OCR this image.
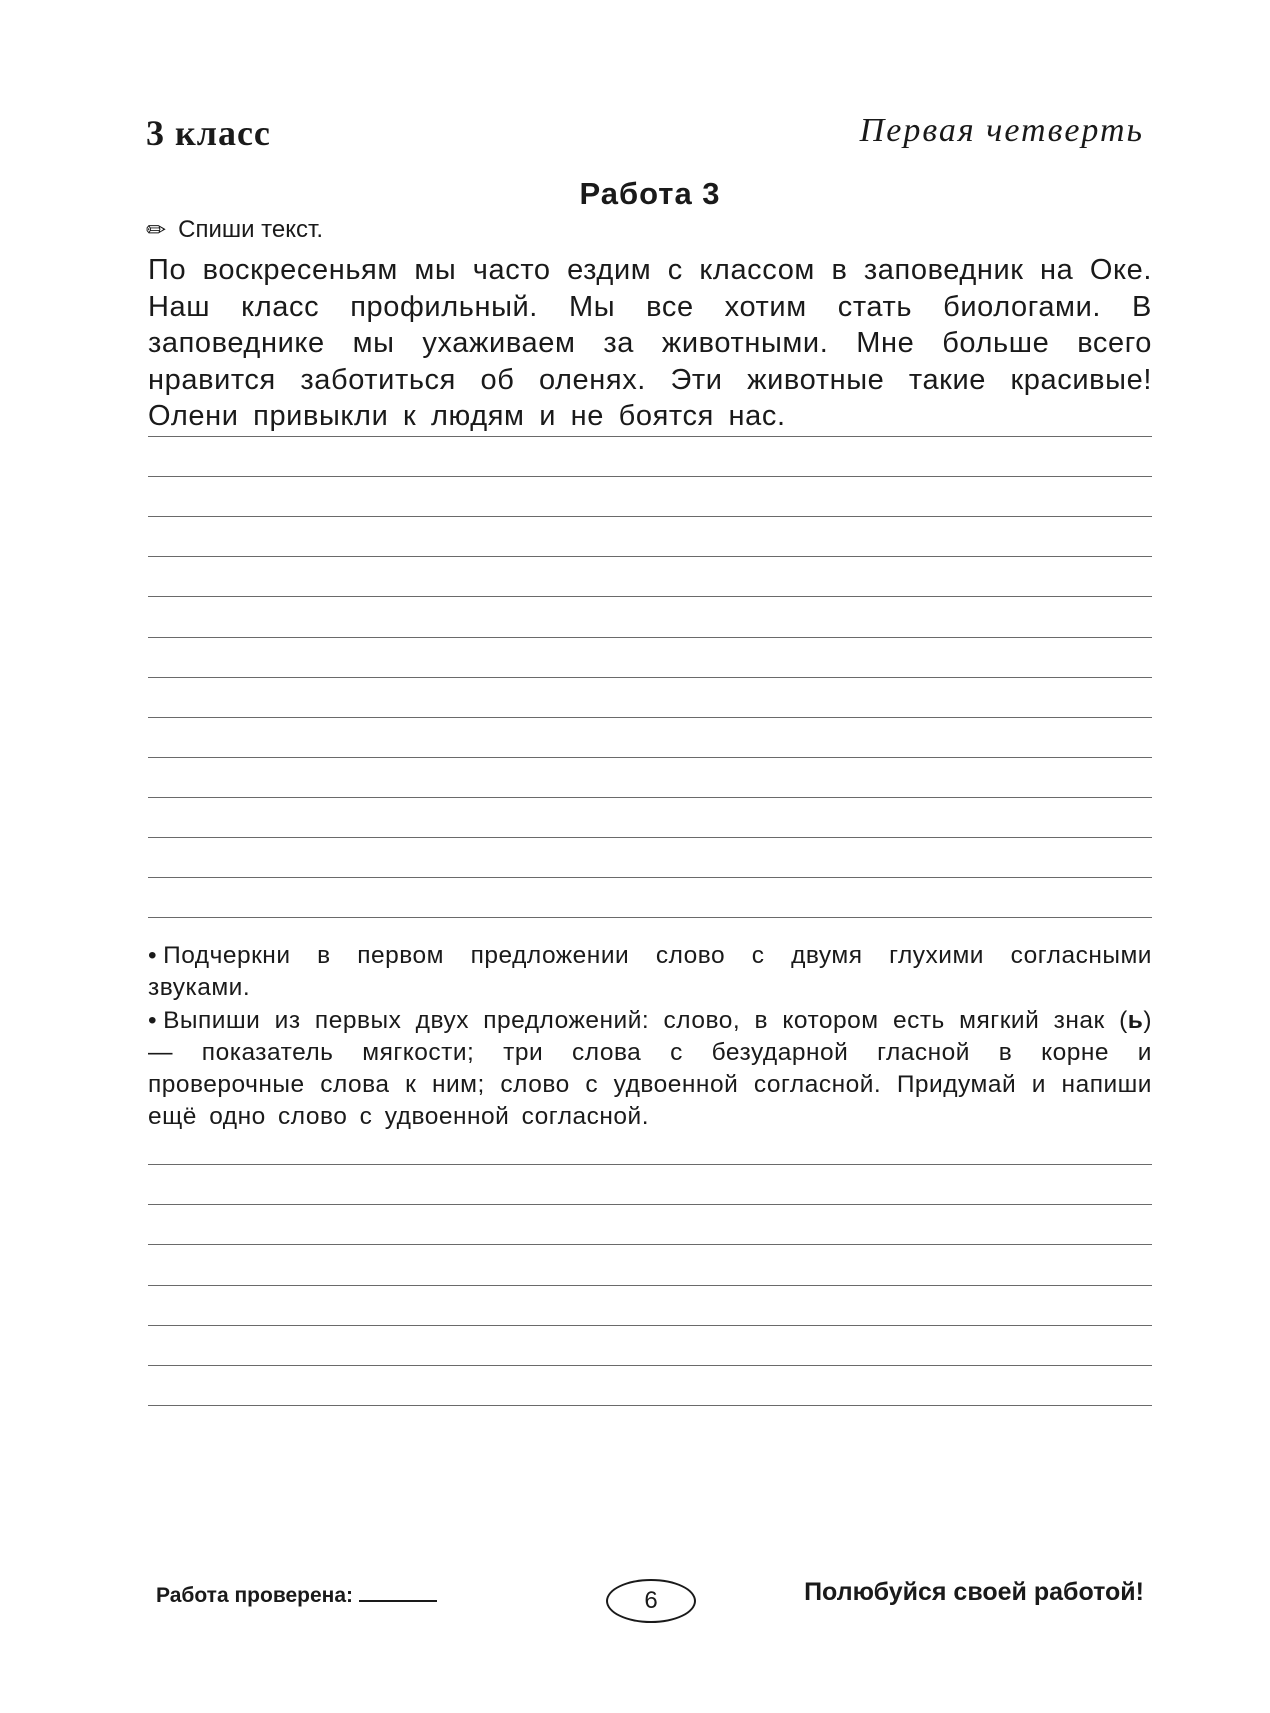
3 класс	Первая четверть
Работа 3
✏ Спиши текст.
По воскресеньям мы часто ездим с классом в заповедник на Оке. Наш класс профильный. Мы все хотим стать биологами. В заповеднике мы ухаживаем за животными. Мне больше всего нравится заботиться об оленях. Эти животные такие красивые! Олени привыкли к людям и не боятся нас.
• Подчеркни в первом предложении слово с двумя глухими согласными звуками.
• Выпиши из первых двух предложений: слово, в котором есть мягкий знак (ь) — показатель мягкости; три слова с безударной гласной в корне и проверочные слова к ним; слово с удвоенной согласной. Придумай и напиши ещё одно слово с удвоенной согласной.
Работа проверена:	6	Полюбуйся своей работой!
